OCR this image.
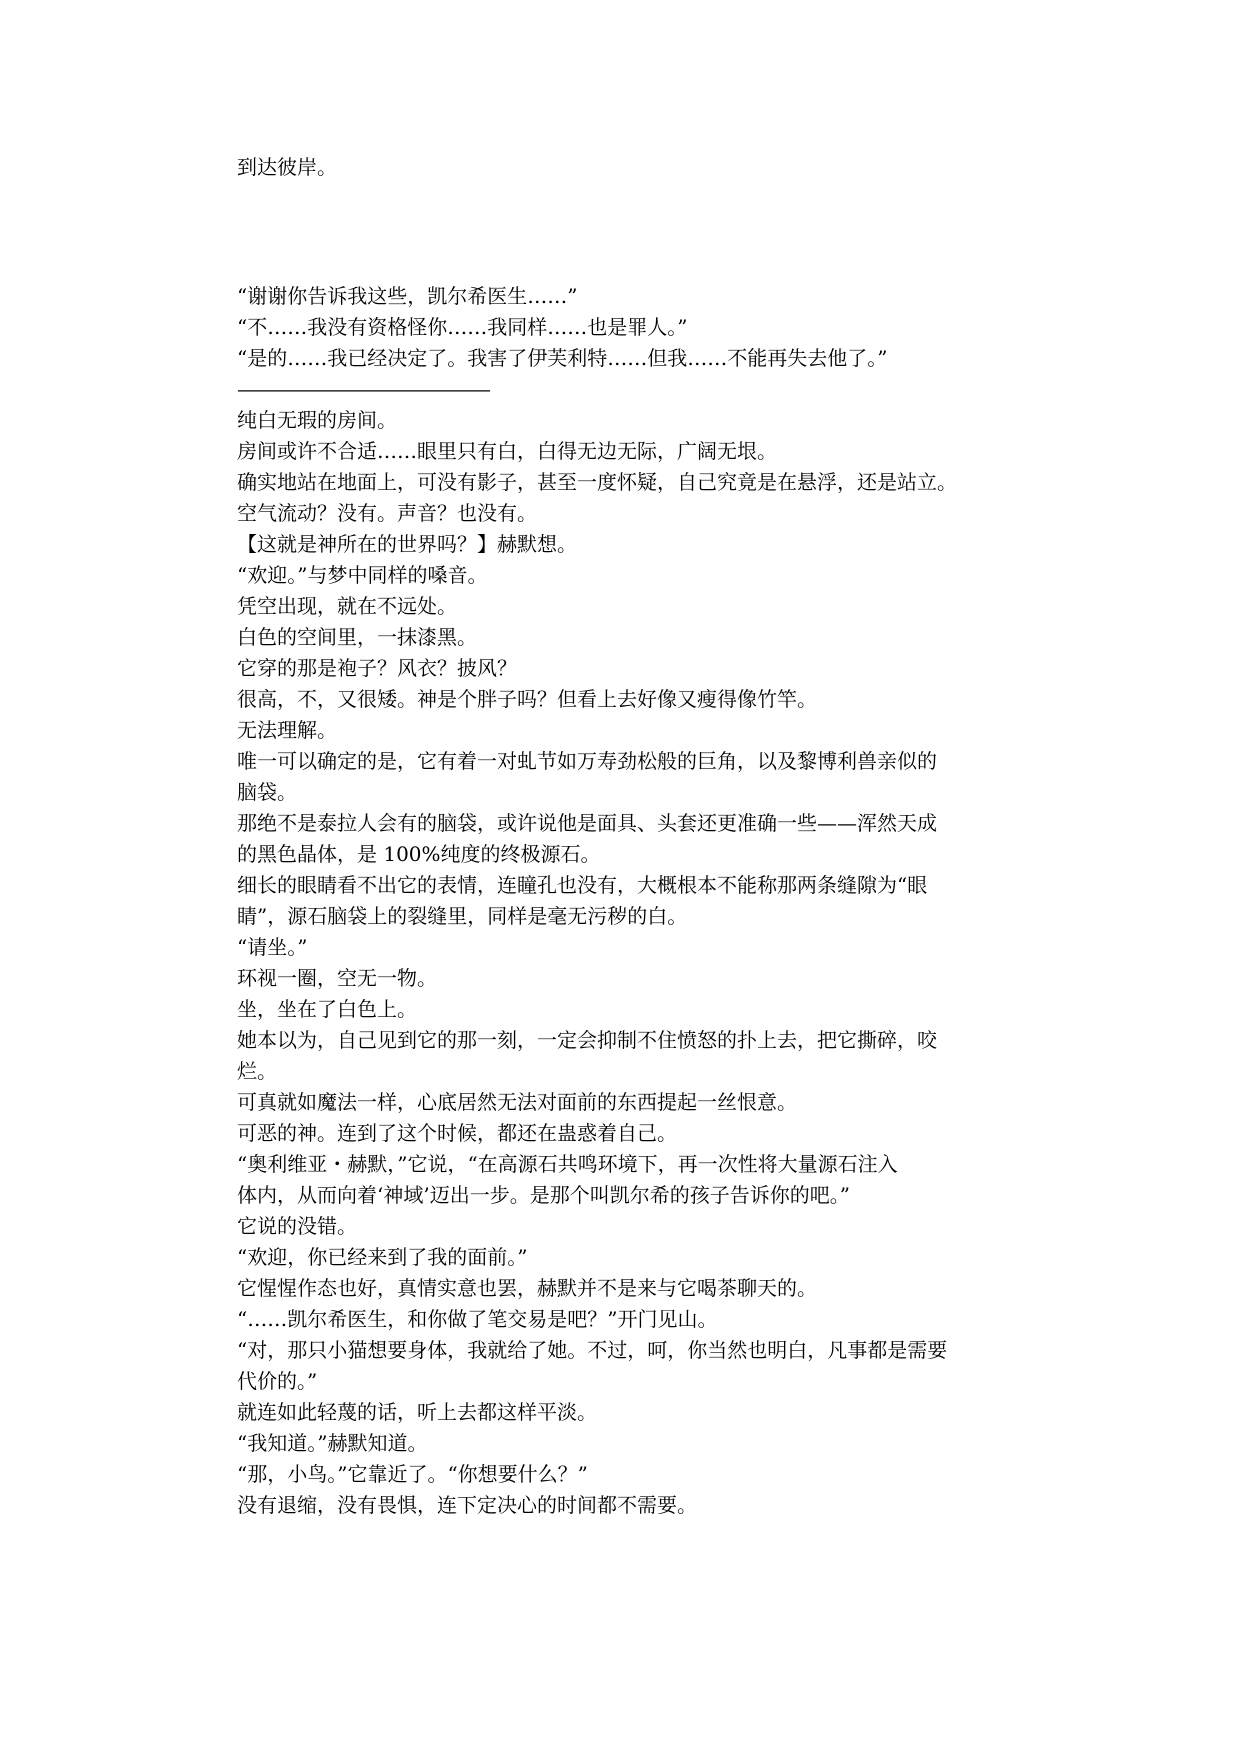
到达彼岸。
“谢谢你告诉我这些，凯尔希医生……”
“不……我没有资格怪你……我同样……也是罪人。”
“是的……我已经决定了。我害了伊芙利特……但我……不能再失去他了。”
——————————————
纯白无瑕的房间。
房间或许不合适……眼里只有白，白得无边无际，广阔无垠。
确实地站在地面上，可没有影子，甚至一度怀疑，自己究竟是在悬浮，还是站立。
空气流动？没有。声音？也没有。
【这就是神所在的世界吗？】赫默想。
“欢迎。”与梦中同样的嗓音。
凭空出现，就在不远处。
白色的空间里，一抹漆黑。
它穿的那是袍子？风衣？披风？
很高，不，又很矮。神是个胖子吗？但看上去好像又瘦得像竹竿。
无法理解。
唯一可以确定的是，它有着一对虬节如万寿劲松般的巨角，以及黎博利兽亲似的
脑袋。
那绝不是泰拉人会有的脑袋，或许说他是面具、头套还更准确一些——浑然天成
的黑色晶体，是 100%纯度的终极源石。
细长的眼睛看不出它的表情，连瞳孔也没有，大概根本不能称那两条缝隙为“眼
睛”，源石脑袋上的裂缝里，同样是毫无污秽的白。
“请坐。”
环视一圈，空无一物。
坐，坐在了白色上。
她本以为，自己见到它的那一刻，一定会抑制不住愤怒的扑上去，把它撕碎，咬
烂。
可真就如魔法一样，心底居然无法对面前的东西提起一丝恨意。
可恶的神。连到了这个时候，都还在蛊惑着自己。
“奥利维亚・赫默，”它说，“在高源石共鸣环境下，再一次性将大量源石注入
体内，从而向着‘神域’迈出一步。是那个叫凯尔希的孩子告诉你的吧。”
它说的没错。
“欢迎，你已经来到了我的面前。”
它惺惺作态也好，真情实意也罢，赫默并不是来与它喝茶聊天的。
“……凯尔希医生，和你做了笔交易是吧？”开门见山。
“对，那只小猫想要身体，我就给了她。不过，呵，你当然也明白，凡事都是需要
代价的。”
就连如此轻蔑的话，听上去都这样平淡。
“我知道。”赫默知道。
“那，小鸟。”它靠近了。“你想要什么？”
没有退缩，没有畏惧，连下定决心的时间都不需要。
